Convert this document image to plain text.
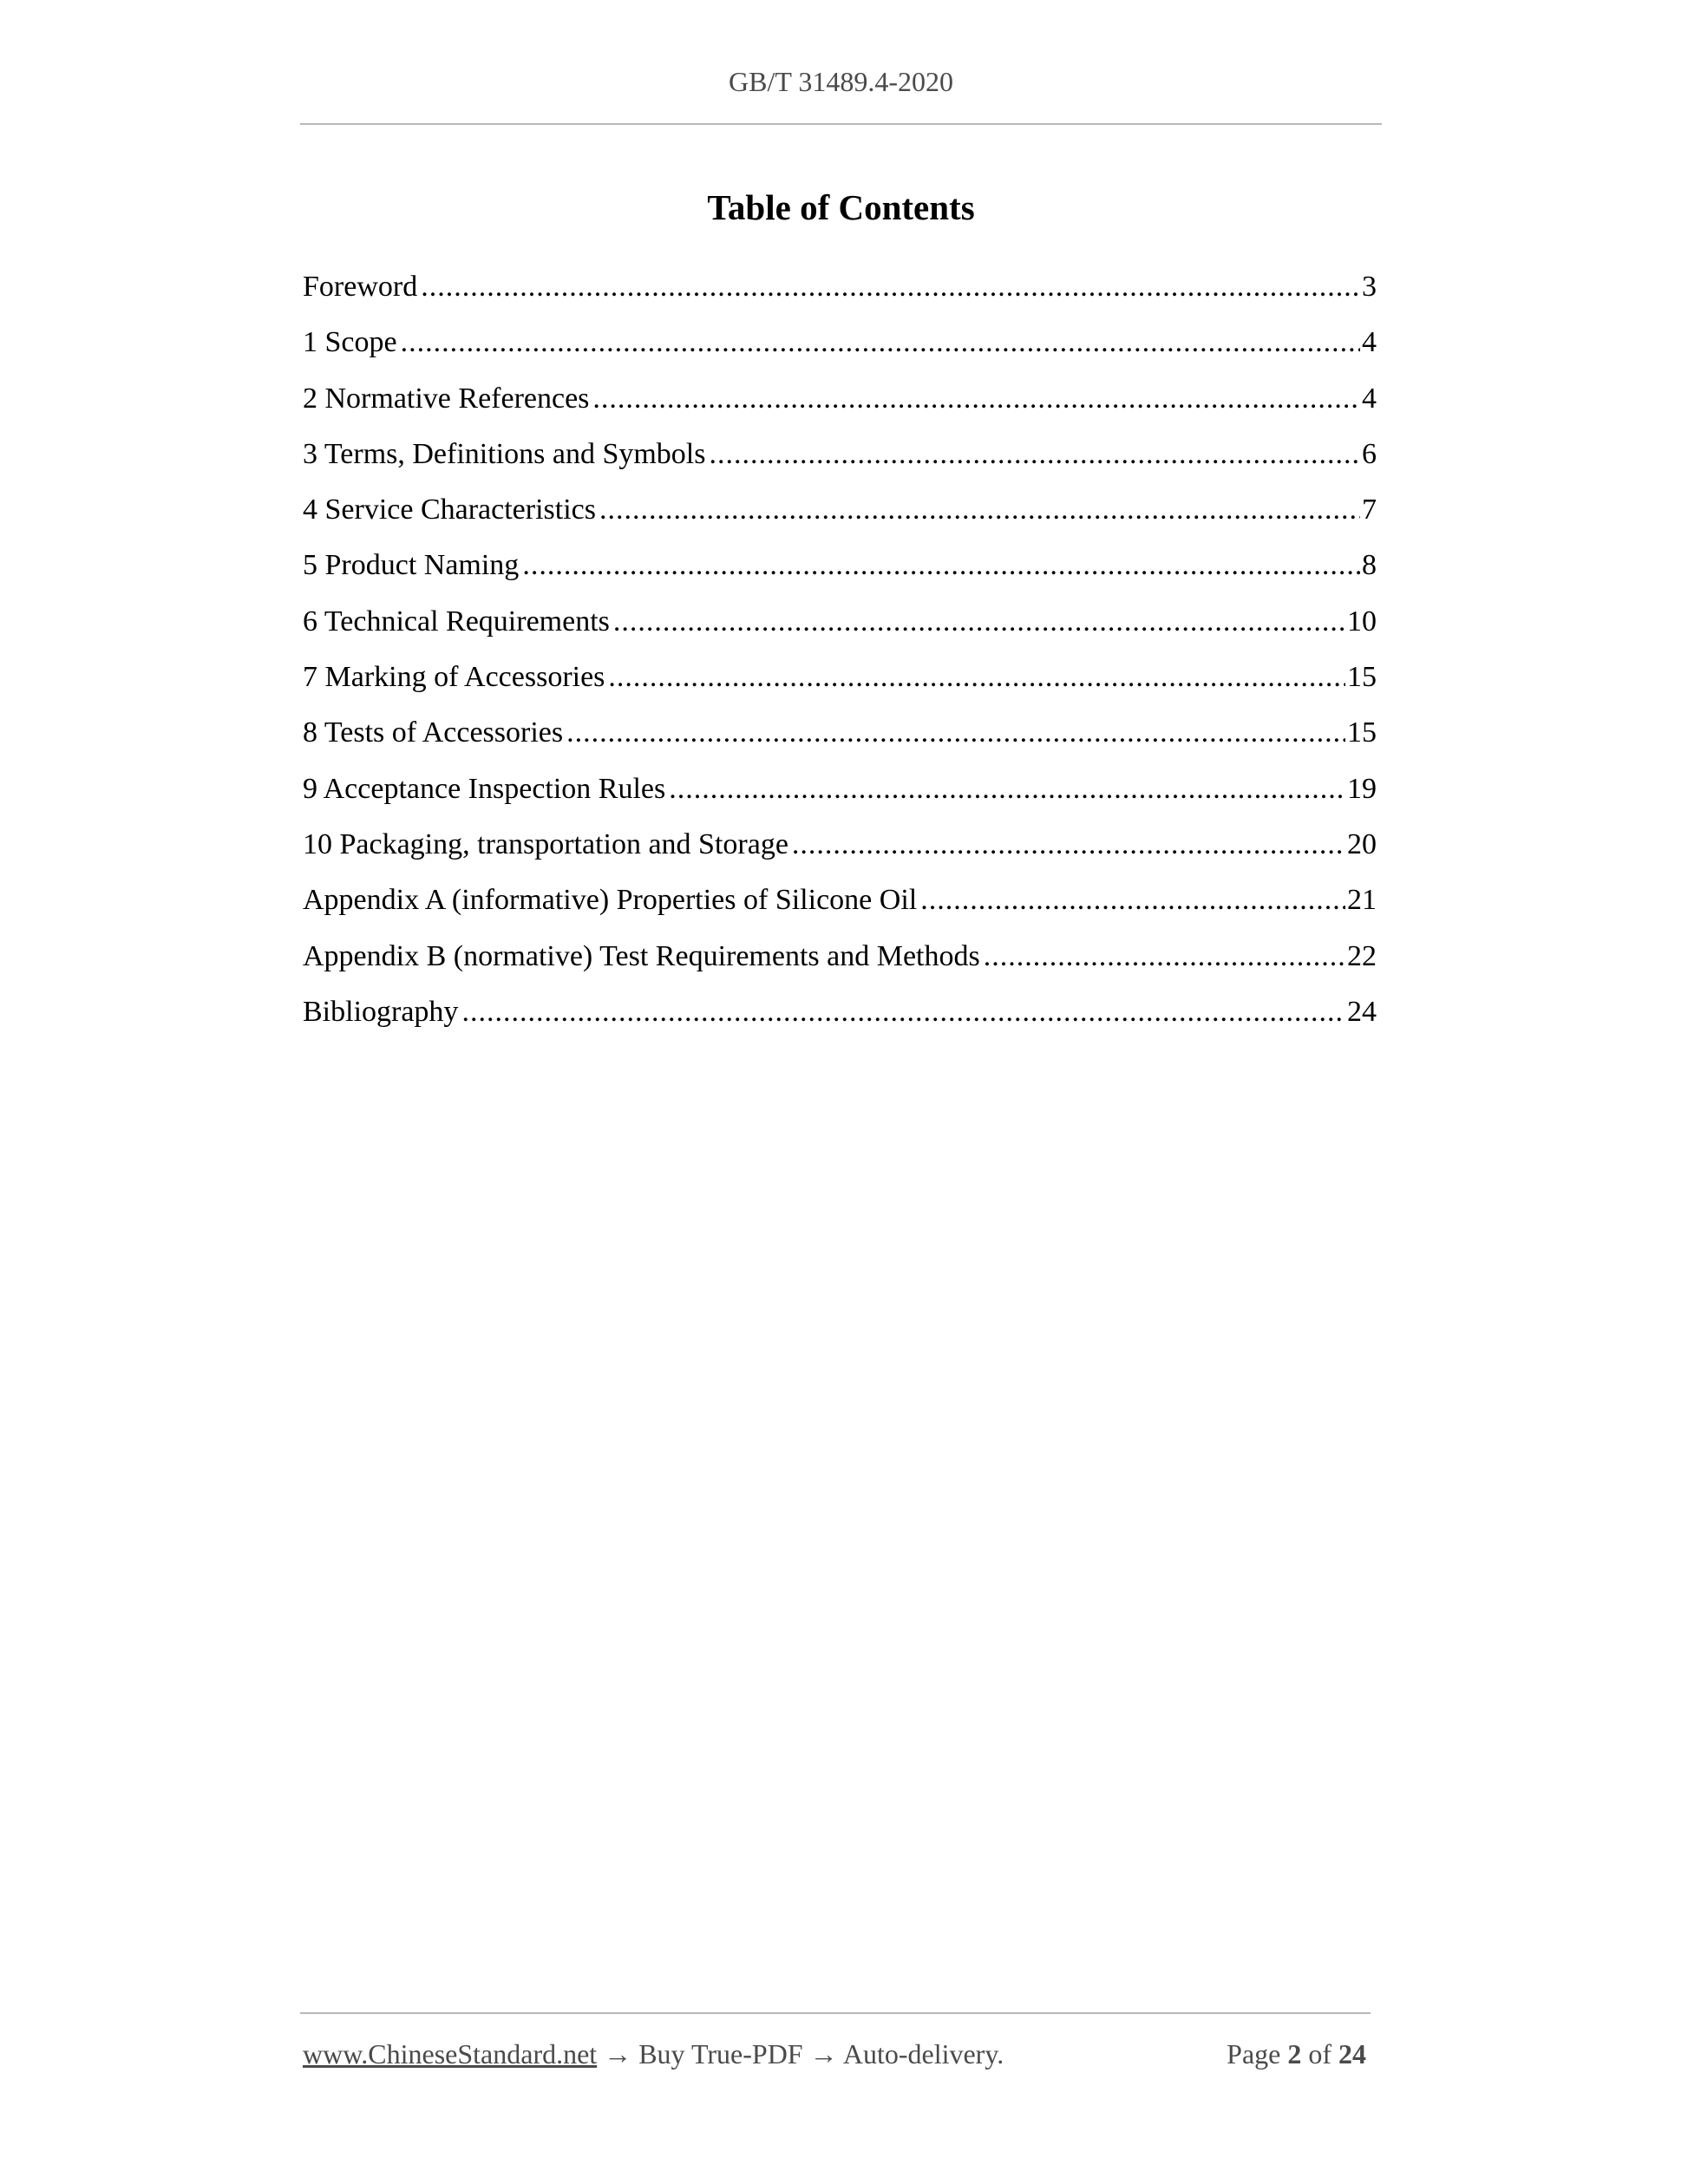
GB/T 31489.4-2020
Table of Contents
Foreword .....	3
1 Scope .....	4
2 Normative References .....	4
3 Terms, Definitions and Symbols .....	6
4 Service Characteristics .....	7
5 Product Naming .....	8
6 Technical Requirements .....	10
7 Marking of Accessories .....	15
8 Tests of Accessories .....	15
9 Acceptance Inspection Rules .....	19
10 Packaging, transportation and Storage .....	20
Appendix A (informative) Properties of Silicone Oil .....	21
Appendix B (normative) Test Requirements and Methods .....	22
Bibliography .....	24
www.ChineseStandard.net → Buy True-PDF → Auto-delivery.	Page 2 of 24
